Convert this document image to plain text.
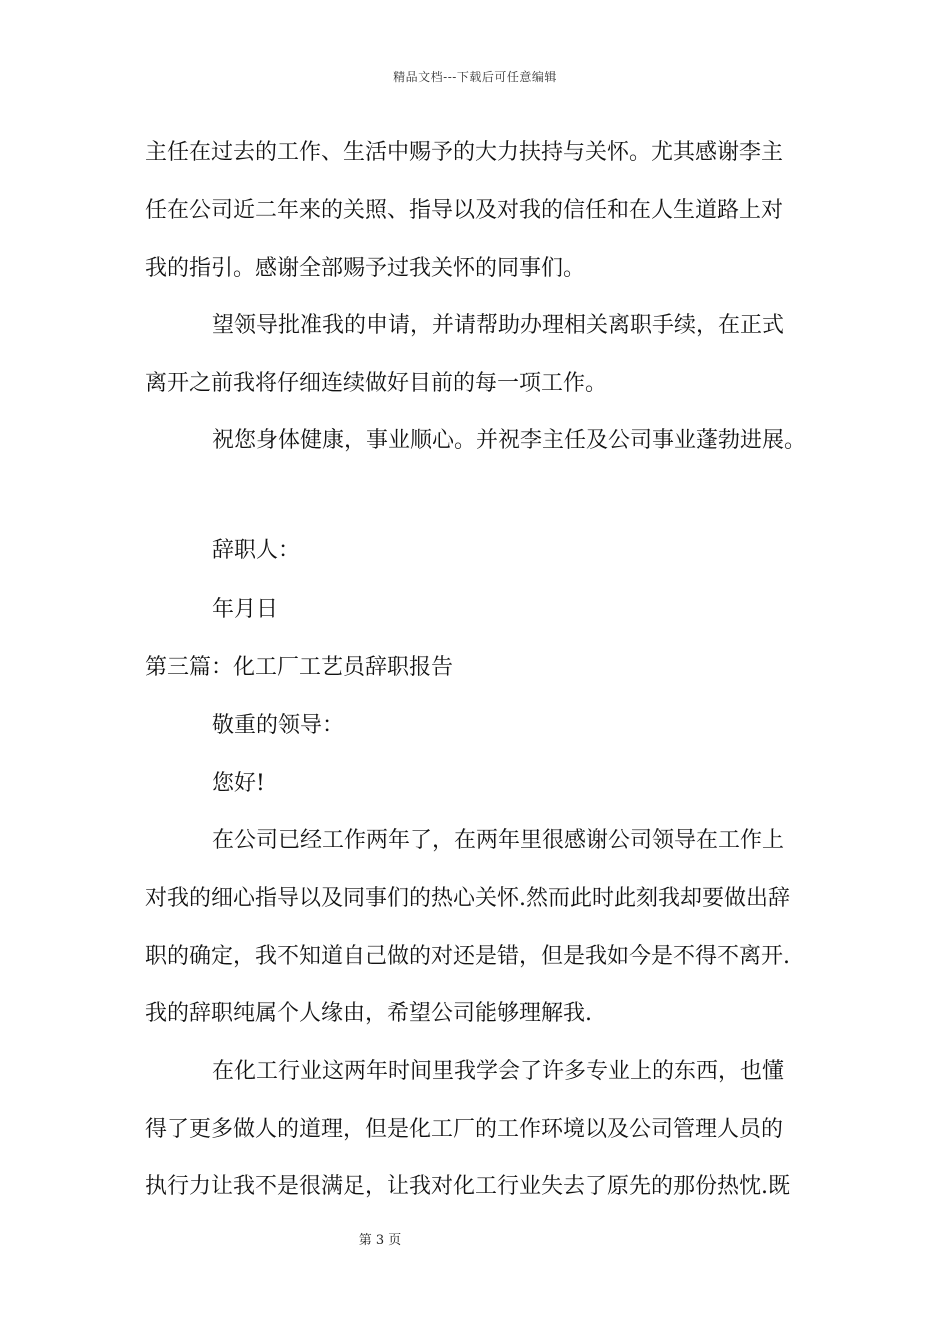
精品文档---下载后可任意编辑
主任在过去的工作、生活中赐予的大力扶持与关怀。尤其感谢李主
任在公司近二年来的关照、指导以及对我的信任和在人生道路上对
我的指引。感谢全部赐予过我关怀的同事们。
望领导批准我的申请，并请帮助办理相关离职手续，在正式
离开之前我将仔细连续做好目前的每一项工作。
祝您身体健康，事业顺心。并祝李主任及公司事业蓬勃进展。
辞职人：
年月日
第三篇：化工厂工艺员辞职报告
敬重的领导：
您好!
在公司已经工作两年了，在两年里很感谢公司领导在工作上
对我的细心指导以及同事们的热心关怀.然而此时此刻我却要做出辞
职的确定，我不知道自己做的对还是错，但是我如今是不得不离开.
我的辞职纯属个人缘由，希望公司能够理解我.
在化工行业这两年时间里我学会了许多专业上的东西，也懂
得了更多做人的道理，但是化工厂的工作环境以及公司管理人员的
执行力让我不是很满足，让我对化工行业失去了原先的那份热忱.既
第 3 页
